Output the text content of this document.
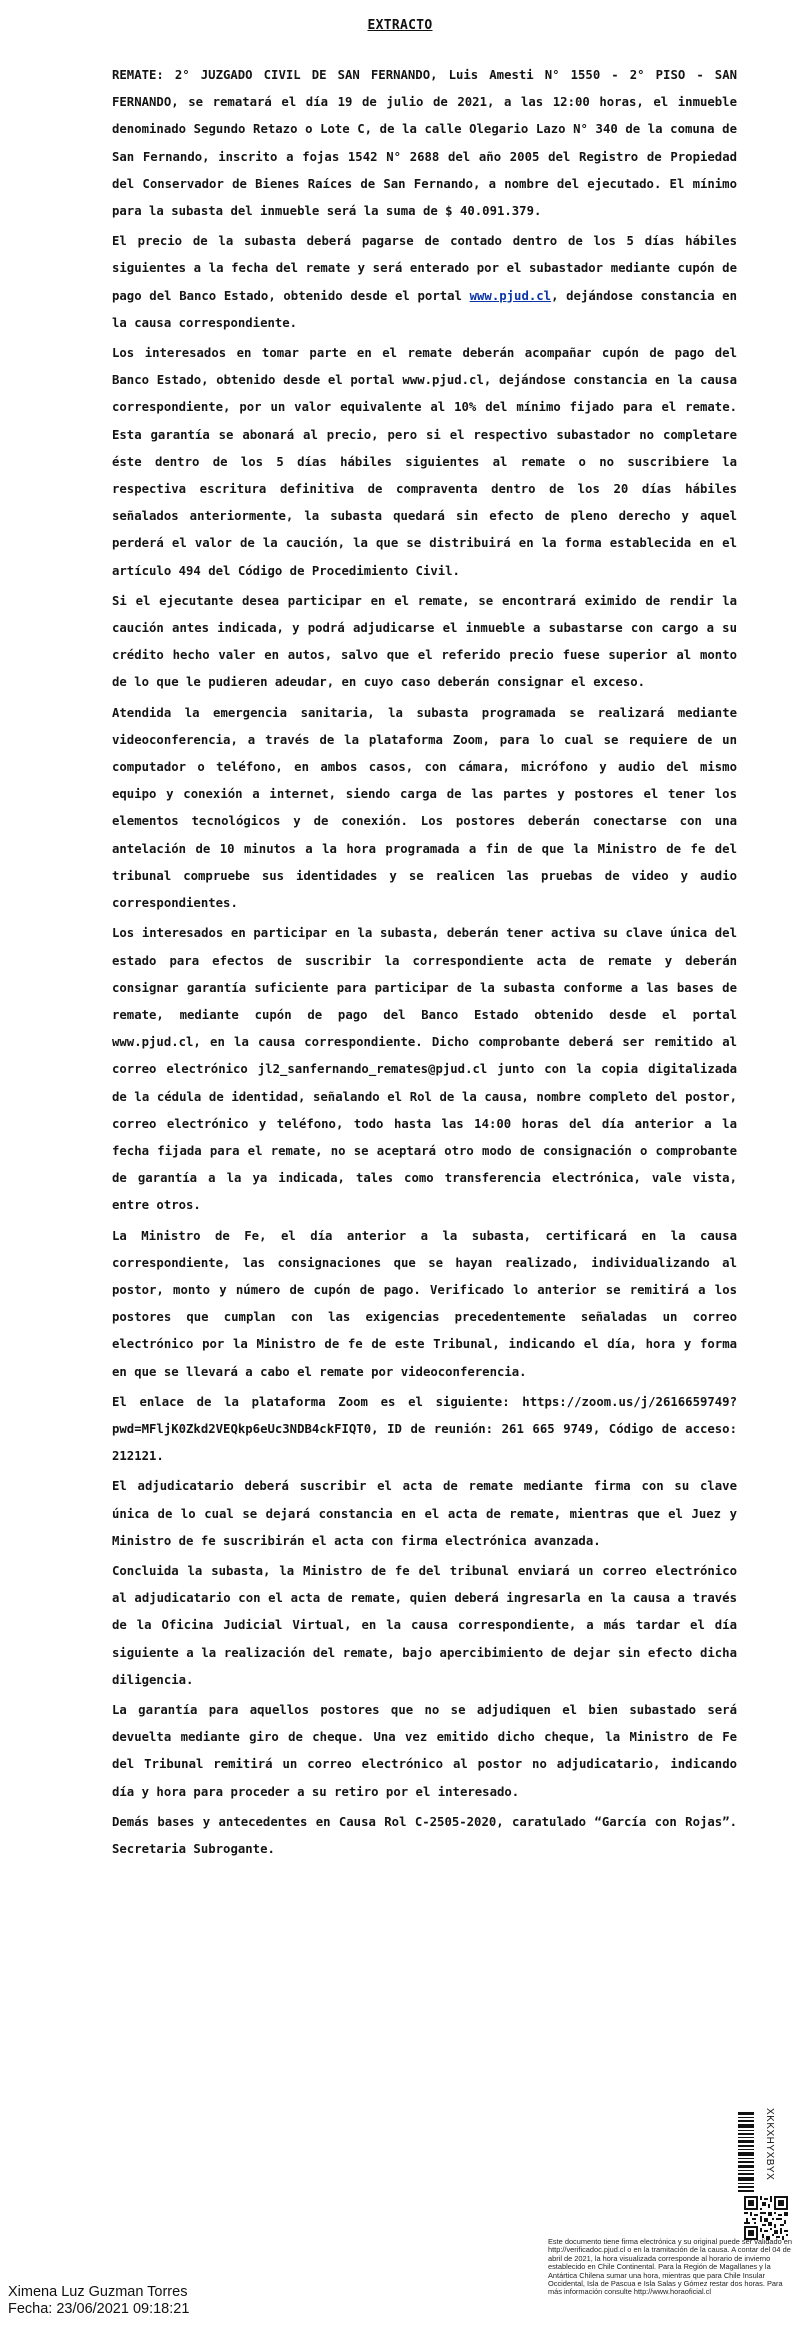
EXTRACTO

REMATE: 2° JUZGADO CIVIL DE SAN FERNANDO, Luis Amesti N° 1550 - 2° PISO - SAN FERNANDO, se rematará el día 19 de julio de 2021, a las 12:00 horas, el inmueble denominado Segundo Retazo o Lote C, de la calle Olegario Lazo N° 340 de la comuna de San Fernando, inscrito a fojas 1542 N° 2688 del año 2005 del Registro de Propiedad del Conservador de Bienes Raíces de San Fernando, a nombre del ejecutado. El mínimo para la subasta del inmueble será la suma de $ 40.091.379.

El precio de la subasta deberá pagarse de contado dentro de los 5 días hábiles siguientes a la fecha del remate y será enterado por el subastador mediante cupón de pago del Banco Estado, obtenido desde el portal www.pjud.cl, dejándose constancia en la causa correspondiente.

Los interesados en tomar parte en el remate deberán acompañar cupón de pago del Banco Estado, obtenido desde el portal www.pjud.cl, dejándose constancia en la causa correspondiente, por un valor equivalente al 10% del mínimo fijado para el remate. Esta garantía se abonará al precio, pero si el respectivo subastador no completare éste dentro de los 5 días hábiles siguientes al remate o no suscribiere la respectiva escritura definitiva de compraventa dentro de los 20 días hábiles señalados anteriormente, la subasta quedará sin efecto de pleno derecho y aquel perderá el valor de la caución, la que se distribuirá en la forma establecida en el artículo 494 del Código de Procedimiento Civil.

Si el ejecutante desea participar en el remate, se encontrará eximido de rendir la caución antes indicada, y podrá adjudicarse el inmueble a subastarse con cargo a su crédito hecho valer en autos, salvo que el referido precio fuese superior al monto de lo que le pudieren adeudar, en cuyo caso deberán consignar el exceso.

Atendida la emergencia sanitaria, la subasta programada se realizará mediante videoconferencia, a través de la plataforma Zoom, para lo cual se requiere de un computador o teléfono, en ambos casos, con cámara, micrófono y audio del mismo equipo y conexión a internet, siendo carga de las partes y postores el tener los elementos tecnológicos y de conexión. Los postores deberán conectarse con una antelación de 10 minutos a la hora programada a fin de que la Ministro de fe del tribunal compruebe sus identidades y se realicen las pruebas de video y audio correspondientes.

Los interesados en participar en la subasta, deberán tener activa su clave única del estado para efectos de suscribir la correspondiente acta de remate y deberán consignar garantía suficiente para participar de la subasta conforme a las bases de remate, mediante cupón de pago del Banco Estado obtenido desde el portal www.pjud.cl, en la causa correspondiente. Dicho comprobante deberá ser remitido al correo electrónico jl2_sanfernando_remates@pjud.cl junto con la copia digitalizada de la cédula de identidad, señalando el Rol de la causa, nombre completo del postor, correo electrónico y teléfono, todo hasta las 14:00 horas del día anterior a la fecha fijada para el remate, no se aceptará otro modo de consignación o comprobante de garantía a la ya indicada, tales como transferencia electrónica, vale vista, entre otros.

La Ministro de Fe, el día anterior a la subasta, certificará en la causa correspondiente, las consignaciones que se hayan realizado, individualizando al postor, monto y número de cupón de pago. Verificado lo anterior se remitirá a los postores que cumplan con las exigencias precedentemente señaladas un correo electrónico por la Ministro de fe de este Tribunal, indicando el día, hora y forma en que se llevará a cabo el remate por videoconferencia.

El enlace de la plataforma Zoom es el siguiente: https://zoom.us/j/2616659749?pwd=MFljK0Zkd2VEQkp6eUc3NDB4ckFIQT0, ID de reunión: 261 665 9749, Código de acceso: 212121.

El adjudicatario deberá suscribir el acta de remate mediante firma con su clave única de lo cual se dejará constancia en el acta de remate, mientras que el Juez y Ministro de fe suscribirán el acta con firma electrónica avanzada.

Concluida la subasta, la Ministro de fe del tribunal enviará un correo electrónico al adjudicatario con el acta de remate, quien deberá ingresarla en la causa a través de la Oficina Judicial Virtual, en la causa correspondiente, a más tardar el día siguiente a la realización del remate, bajo apercibimiento de dejar sin efecto dicha diligencia.

La garantía para aquellos postores que no se adjudiquen el bien subastado será devuelta mediante giro de cheque. Una vez emitido dicho cheque, la Ministro de Fe del Tribunal remitirá un correo electrónico al postor no adjudicatario, indicando día y hora para proceder a su retiro por el interesado.

Demás bases y antecedentes en Causa Rol C-2505-2020, caratulado “García con Rojas”. Secretaria Subrogante.

Ximena Luz Guzman Torres
Fecha: 23/06/2021 09:18:21
XKKXHYXBYX
Este documento tiene firma electrónica y su original puede ser validado en http://verificadoc.pjud.cl o en la tramitación de la causa. A contar del 04 de abril de 2021, la hora visualizada corresponde al horario de invierno establecido en Chile Continental. Para la Región de Magallanes y la Antártica Chilena sumar una hora, mientras que para Chile Insular Occidental, Isla de Pascua e Isla Salas y Gómez restar dos horas. Para más información consulte http://www.horaoficial.cl
